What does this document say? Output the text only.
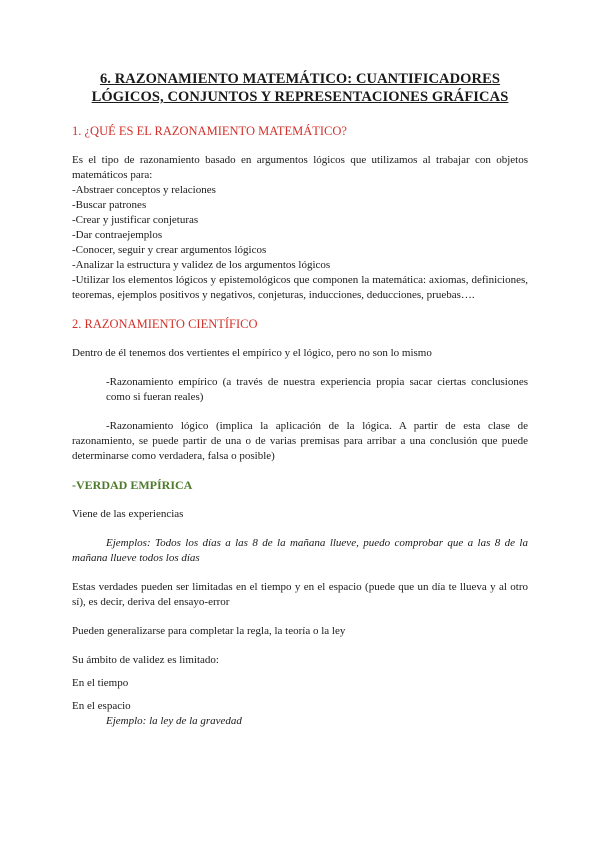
6. RAZONAMIENTO MATEMÁTICO: CUANTIFICADORES
LÓGICOS, CONJUNTOS Y REPRESENTACIONES GRÁFICAS
1. ¿QUÉ ES EL RAZONAMIENTO MATEMÁTICO?

Es el tipo de razonamiento basado en argumentos lógicos que utilizamos al trabajar con objetos matemáticos para:

-Abstraer conceptos y relaciones
-Buscar patrones
-Crear y justificar conjeturas
-Dar contraejemplos
-Conocer, seguir y crear argumentos lógicos
-Analizar la estructura y validez de los argumentos lógicos
-Utilizar los elementos lógicos y epistemológicos que componen la matemática: axiomas, definiciones, teoremas, ejemplos positivos y negativos, conjeturas, inducciones, deducciones, pruebas….
2. RAZONAMIENTO CIENTÍFICO

Dentro de él tenemos dos vertientes el empírico y el lógico, pero no son lo mismo

-Razonamiento empírico (a través de nuestra experiencia propia sacar ciertas conclusiones como si fueran reales)

-Razonamiento lógico (implica la aplicación de la lógica. A partir de esta clase de razonamiento, se puede partir de una o de varias premisas para arribar a una conclusión que puede determinarse como verdadera, falsa o posible)

-VERDAD EMPÍRICA

Viene de las experiencias

Ejemplos: Todos los días a las 8 de la mañana llueve, puedo comprobar que a las 8 de la mañana llueve todos los días

Estas verdades pueden ser limitadas en el tiempo y en el espacio (puede que un día te llueva y al otro sí), es decir, deriva del ensayo-error

Pueden generalizarse para completar la regla, la teoría o la ley

Su ámbito de validez es limitado:

En el tiempo

En el espacio

Ejemplo: la ley de la gravedad
